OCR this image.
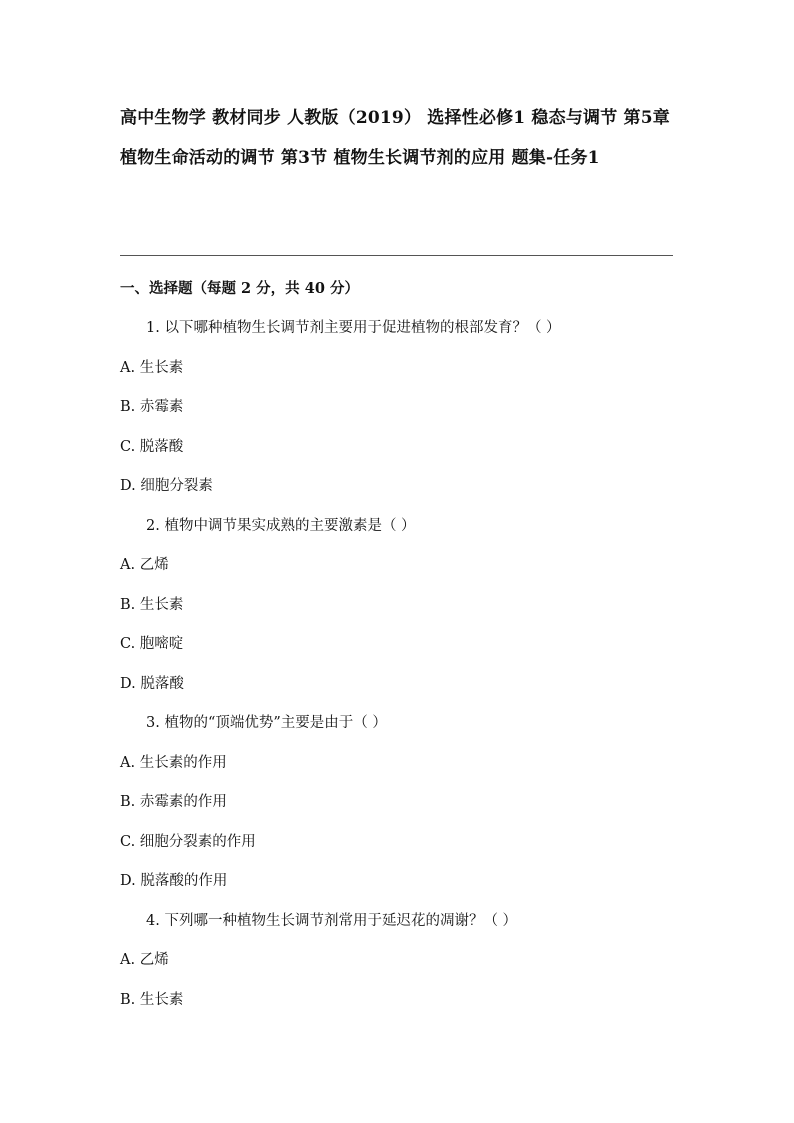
高中生物学 教材同步 人教版（2019） 选择性必修1 稳态与调节 第5章 植物生命活动的调节 第3节 植物生长调节剂的应用 题集-任务1
一、选择题（每题 2 分，共 40 分）
1. 以下哪种植物生长调节剂主要用于促进植物的根部发育？（ ）
A. 生长素
B. 赤霉素
C. 脱落酸
D. 细胞分裂素
2. 植物中调节果实成熟的主要激素是（ ）
A. 乙烯
B. 生长素
C. 胞嘧啶
D. 脱落酸
3. 植物的“顶端优势”主要是由于（ ）
A. 生长素的作用
B. 赤霉素的作用
C. 细胞分裂素的作用
D. 脱落酸的作用
4. 下列哪一种植物生长调节剂常用于延迟花的凋谢？（ ）
A. 乙烯
B. 生长素
